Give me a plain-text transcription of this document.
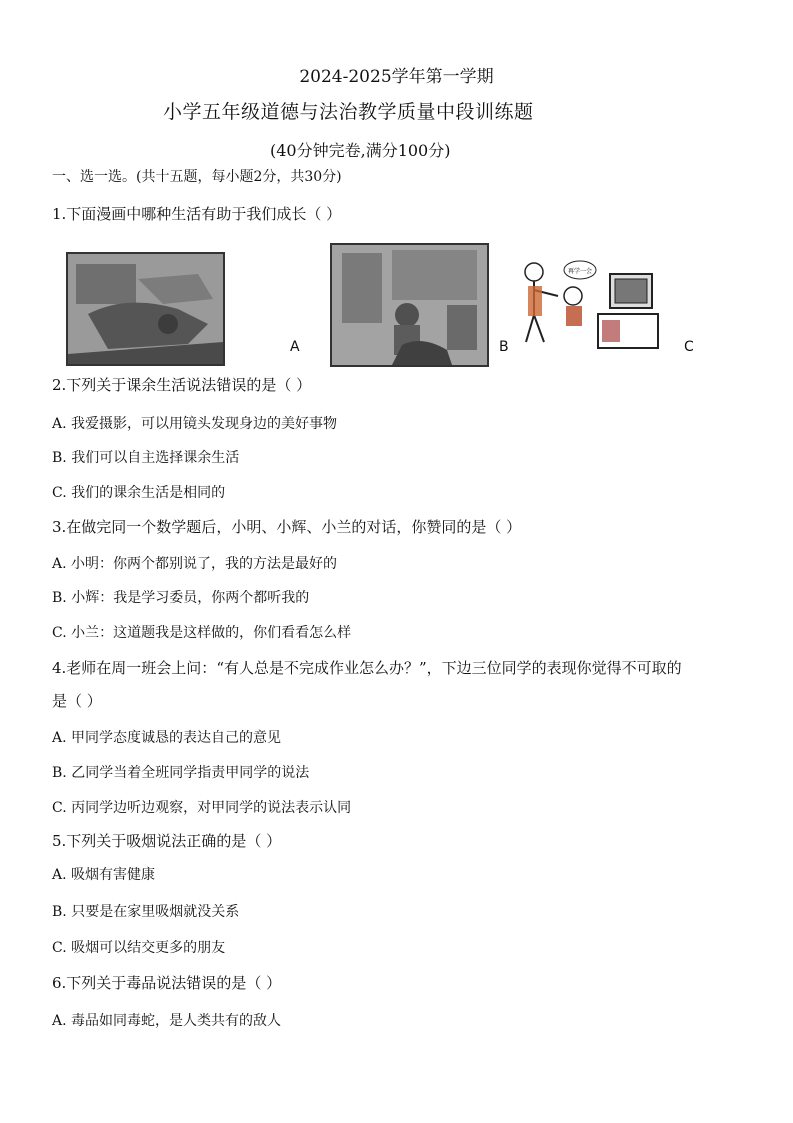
2024-2025学年第一学期
小学五年级道德与法治教学质量中段训练题
(40分钟完卷,满分100分)
一、选一选。(共十五题，每小题2分，共30分)
1.下面漫画中哪种生活有助于我们成长（ ）
A	B
再学一会
C
2.下列关于课余生活说法错误的是（ ）
A. 我爱摄影，可以用镜头发现身边的美好事物
B. 我们可以自主选择课余生活
C. 我们的课余生活是相同的
3.在做完同一个数学题后，小明、小辉、小兰的对话，你赞同的是（ ）
A. 小明：你两个都别说了，我的方法是最好的
B. 小辉：我是学习委员，你两个都听我的
C. 小兰：这道题我是这样做的，你们看看怎么样
4.老师在周一班会上问：“有人总是不完成作业怎么办？”，下边三位同学的表现你觉得不可取的
是（ ）
A. 甲同学态度诚恳的表达自己的意见
B. 乙同学当着全班同学指责甲同学的说法
C. 丙同学边听边观察，对甲同学的说法表示认同
5.下列关于吸烟说法正确的是（ ）
A. 吸烟有害健康
B. 只要是在家里吸烟就没关系
C. 吸烟可以结交更多的朋友
6.下列关于毒品说法错误的是（ ）
A. 毒品如同毒蛇，是人类共有的敌人
